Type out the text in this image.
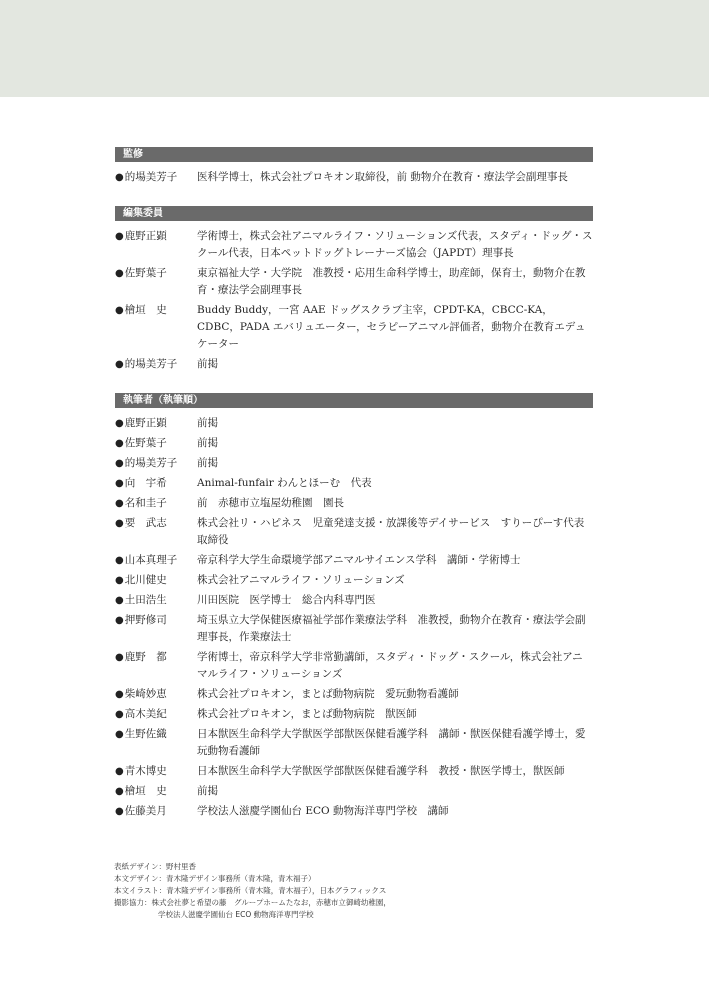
監修
● 的場美芳子	医科学博士，株式会社プロキオン取締役，前 動物介在教育・療法学会副理事長
編集委員
● 鹿野正顕	学術博士，株式会社アニマルライフ・ソリューションズ代表，スタディ・ドッグ・スクール代表，日本ペットドッグトレーナーズ協会（JAPDT）理事長
● 佐野葉子	東京福祉大学・大学院　准教授・応用生命科学博士，助産師，保育士，動物介在教育・療法学会副理事長
● 檜垣　史	Buddy Buddy，一宮 AAE ドッグスクラブ主宰，CPDT-KA，CBCC-KA，CDBC，PADA エバリュエーター，セラピーアニマル評価者，動物介在教育エデュケーター
● 的場美芳子	前掲
執筆者（執筆順）
● 鹿野正顕	前掲
● 佐野葉子	前掲
● 的場美芳子	前掲
● 向　宇希	Animal-funfair わんとほーむ　代表
● 名和圭子	前　赤穂市立塩屋幼稚園　園長
● 要　武志	株式会社リ・ハピネス　児童発達支援・放課後等デイサービス　すりーぴーす代表取締役
● 山本真理子	帝京科学大学生命環境学部アニマルサイエンス学科　講師・学術博士
● 北川健史	株式会社アニマルライフ・ソリューションズ
● 土田浩生	川田医院　医学博士　総合内科専門医
● 押野修司	埼玉県立大学保健医療福祉学部作業療法学科　准教授，動物介在教育・療法学会副理事長，作業療法士
● 鹿野　都	学術博士，帝京科学大学非常勤講師，スタディ・ドッグ・スクール，株式会社アニマルライフ・ソリューションズ
● 柴崎妙恵	株式会社プロキオン，まとば動物病院　愛玩動物看護師
● 高木美紀	株式会社プロキオン，まとば動物病院　獣医師
● 生野佐織	日本獣医生命科学大学獣医学部獣医保健看護学科　講師・獣医保健看護学博士，愛玩動物看護師
● 青木博史	日本獣医生命科学大学獣医学部獣医保健看護学科　教授・獣医学博士，獣医師
● 檜垣　史	前掲
● 佐藤美月	学校法人滋慶学園仙台 ECO 動物海洋専門学校　講師
表紙デザイン：野村里香
本文デザイン：青木隆デザイン事務所（青木隆，青木福子）
本文イラスト：青木隆デザイン事務所（青木隆，青木福子），日本グラフィックス
撮影協力：株式会社夢と希望の藤　グループホームたなお，赤穂市立御崎幼稚園，
学校法人滋慶学園仙台 ECO 動物海洋専門学校
